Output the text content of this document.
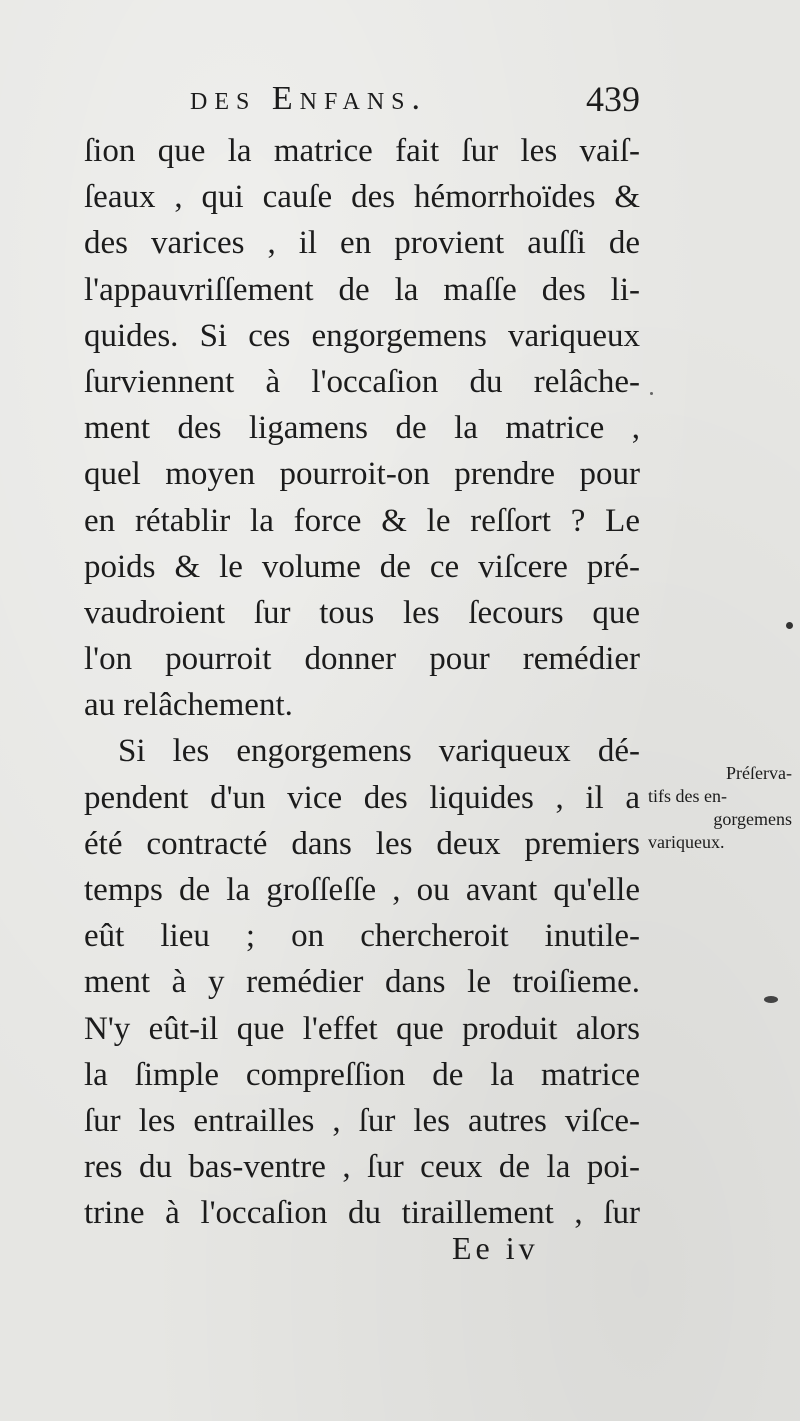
des Enfans.	439
ſion que la matrice fait ſur les vaiſ-
ſeaux , qui cauſe des hémorrhoïdes &
des varices , il en provient auſſi de
l'appauvriſſement de la maſſe des li-
quides. Si ces engorgemens variqueux
ſurviennent à l'occaſion du relâche-
ment des ligamens de la matrice ,
quel moyen pourroit-on prendre pour
en rétablir la force & le reſſort ? Le
poids & le volume de ce viſcere pré-
vaudroient ſur tous les ſecours que
l'on pourroit donner pour remédier
au relâchement.
Si les engorgemens variqueux dé-
pendent d'un vice des liquides , il a
été contracté dans les deux premiers
temps de la groſſeſſe , ou avant qu'elle
eût lieu ; on chercheroit inutile-
ment à y remédier dans le troiſieme.
N'y eût-il que l'effet que produit alors
la ſimple compreſſion de la matrice
ſur les entrailles , ſur les autres viſce-
res du bas-ventre , ſur ceux de la poi-
trine à l'occaſion du tiraillement , ſur
Préſerva-
tifs des en-
gorgemens
variqueux.
Ee iv
